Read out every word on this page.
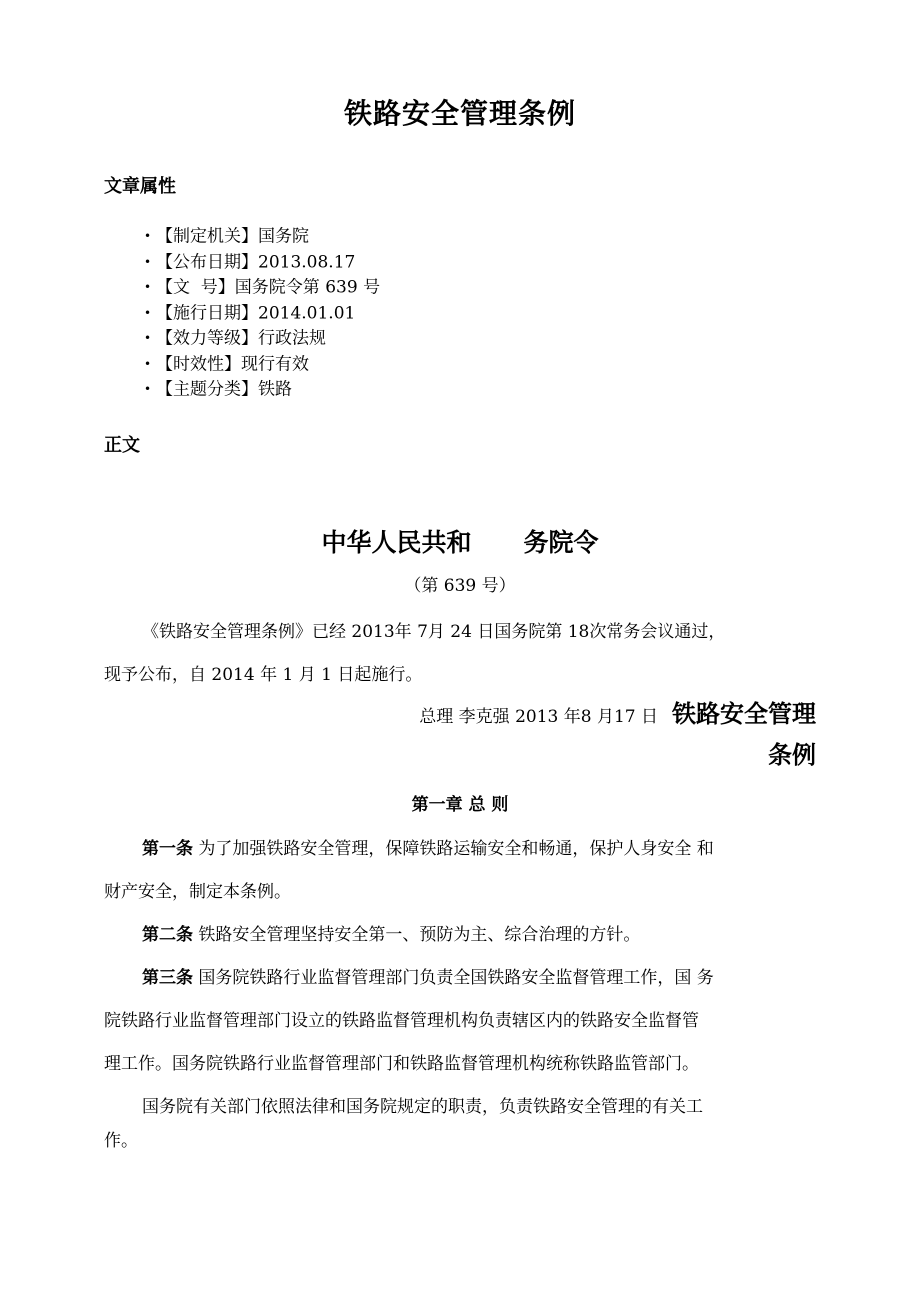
铁路安全管理条例
文章属性
• 【制定机关】国务院
• 【公布日期】2013.08.17
• 【文  号】国务院令第 639 号
• 【施行日期】2014.01.01
• 【效力等级】行政法规
• 【时效性】现行有效
• 【主题分类】铁路
正文
中华人民共和 务院令
（第 639 号）
《铁路安全管理条例》已经 2013年 7月 24 日国务院第 18次常务会议通过，
现予公布，自 2014 年 1 月 1 日起施行。
总理 李克强 2013 年8 月17 日 铁路安全管理
条例
第一章 总 则
第一条 为了加强铁路安全管理，保障铁路运输安全和畅通，保护人身安全 和
财产安全，制定本条例。
第二条 铁路安全管理坚持安全第一、预防为主、综合治理的方针。
第三条 国务院铁路行业监督管理部门负责全国铁路安全监督管理工作，国 务
院铁路行业监督管理部门设立的铁路监督管理机构负责辖区内的铁路安全监督管
理工作。国务院铁路行业监督管理部门和铁路监督管理机构统称铁路监管部门。
国务院有关部门依照法律和国务院规定的职责，负责铁路安全管理的有关工
作。
